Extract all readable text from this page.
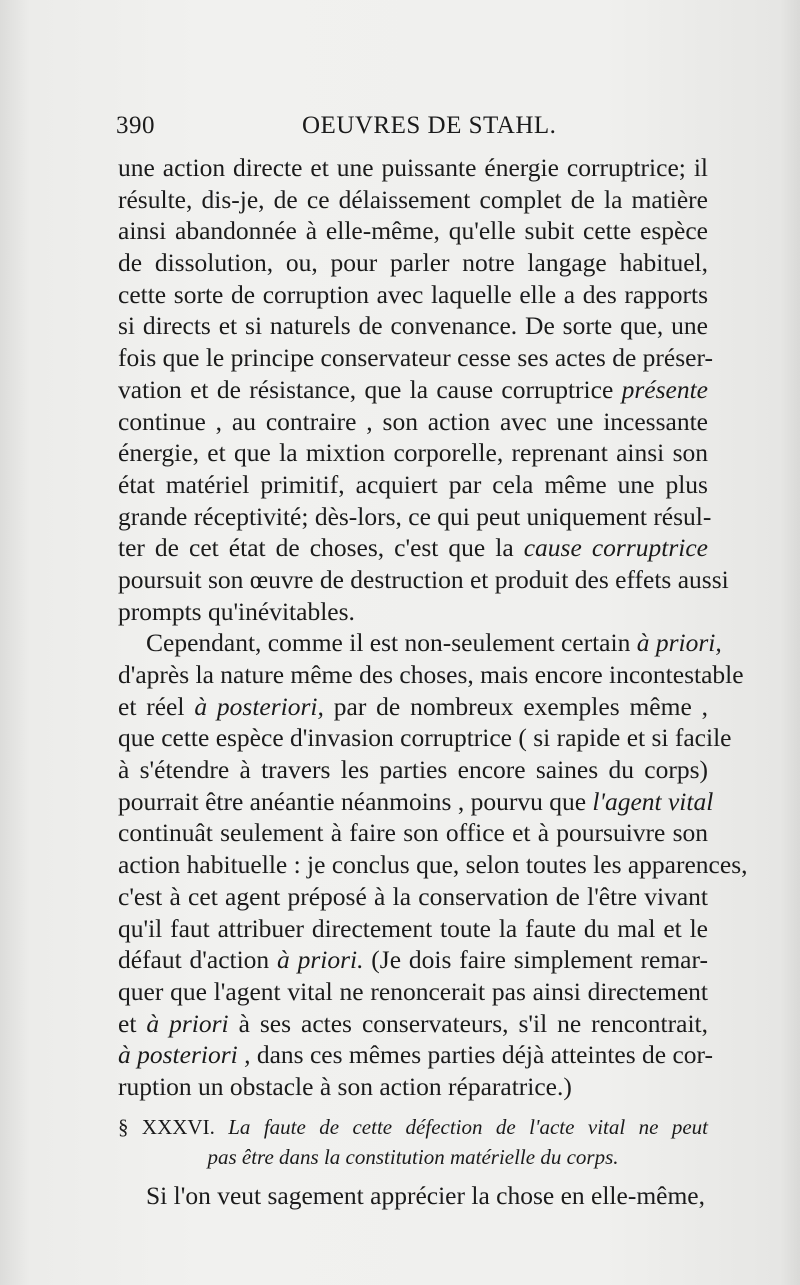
390	OEUVRES DE STAHL.
une action directe et une puissante énergie corruptrice; il
résulte, dis-je, de ce délaissement complet de la matière
ainsi abandonnée à elle-même, qu'elle subit cette espèce
de dissolution, ou, pour parler notre langage habituel,
cette sorte de corruption avec laquelle elle a des rapports
si directs et si naturels de convenance. De sorte que, une
fois que le principe conservateur cesse ses actes de préser-
vation et de résistance, que la cause corruptrice présente
continue , au contraire , son action avec une incessante
énergie, et que la mixtion corporelle, reprenant ainsi son
état matériel primitif, acquiert par cela même une plus
grande réceptivité; dès-lors, ce qui peut uniquement résul-
ter de cet état de choses, c'est que la cause corruptrice
poursuit son œuvre de destruction et produit des effets aussi
prompts qu'inévitables.
Cependant, comme il est non-seulement certain à priori,
d'après la nature même des choses, mais encore incontestable
et réel à posteriori, par de nombreux exemples même ,
que cette espèce d'invasion corruptrice ( si rapide et si facile
à s'étendre à travers les parties encore saines du corps)
pourrait être anéantie néanmoins , pourvu que l'agent vital
continuât seulement à faire son office et à poursuivre son
action habituelle : je conclus que, selon toutes les apparences,
c'est à cet agent préposé à la conservation de l'être vivant
qu'il faut attribuer directement toute la faute du mal et le
défaut d'action à priori. (Je dois faire simplement remar-
quer que l'agent vital ne renoncerait pas ainsi directement
et à priori à ses actes conservateurs, s'il ne rencontrait,
à posteriori , dans ces mêmes parties déjà atteintes de cor-
ruption un obstacle à son action réparatrice.)
§ XXXVI. La faute de cette défection de l'acte vital ne peut
pas être dans la constitution matérielle du corps.
Si l'on veut sagement apprécier la chose en elle-même,
